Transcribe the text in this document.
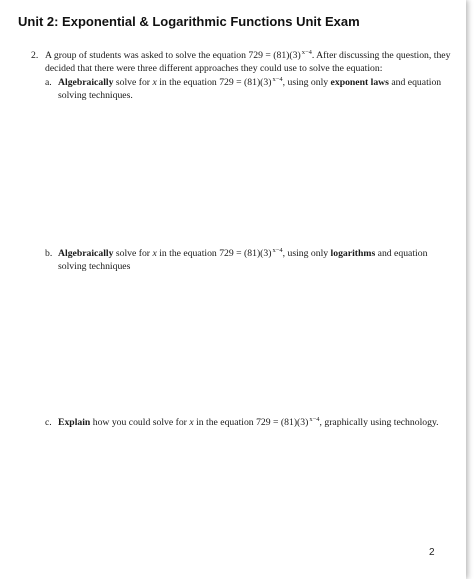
Unit 2: Exponential & Logarithmic Functions Unit Exam
2. A group of students was asked to solve the equation $729 = (81)(3)^{x-4}$. After discussing the question, they
decided that there were three different approaches they could use to solve the equation:
a. Algebraically solve for x in the equation $729 = (81)(3)^{x-4}$, using only exponent laws and equation
solving techniques.
b. Algebraically solve for x in the equation $729 = (81)(3)^{x-4}$, using only logarithms and equation
solving techniques
c. Explain how you could solve for x in the equation $729 = (81)(3)^{x-4}$, graphically using technology.
2
